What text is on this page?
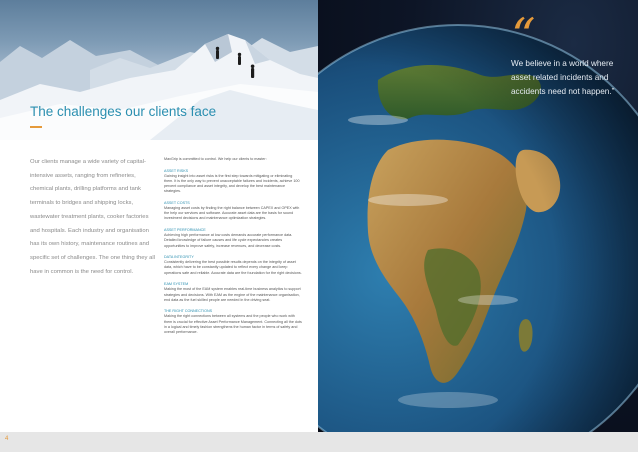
The challenges our clients face
Our clients manage a wide variety of capital-intensive assets, ranging from refineries, chemical plants, drilling platforms and tank terminals to bridges and shipping locks, wastewater treatment plants, cooker factories and hospitals. Each industry and organisation has its own history, maintenance routines and specific set of challenges. The one thing they all have in common is the need for control.

MaxGrip is committed to control. We help our clients to master:

ASSET RISKS
Gaining insight into asset risks is the first step towards mitigating or eliminating them. It is the only way to prevent unacceptable failures and incidents, achieve 100 percent compliance and asset integrity, and develop the best maintenance strategies.

ASSET COSTS
Managing asset costs by finding the right balance between CAPEX and OPEX with the help our services and software. Accurate asset data are the basis for sound investment decisions and maintenance optimization strategies.

ASSET PERFORMANCE
Achieving high performance at low costs demands accurate performance data. Detailed knowledge of failure causes and life cycle expectancies creates opportunities to improve safety, increase revenues, and decrease costs.

DATA INTEGRITY
Consistently delivering the best possible results depends on the integrity of asset data, which have to be constantly updated to reflect every change and keep operations safe and reliable. Accurate data are the foundation for the right decisions.

EAM SYSTEM
Making the most of the EAM system enables real-time business analytics to support strategies and decisions. With EAM as the engine of the maintenance organisation, end data as the fuel skilled people are needed in the driving seat.

THE RIGHT CONNECTIONS
Making the right connections between all systems and the people who work with them is crucial for effective Asset Performance Management. Connecting all the dots in a logical and timely fashion strengthens the human factor in terms of safety and overall performance.

“
We believe in a world where asset related incidents and accidents need not happen.”
4
